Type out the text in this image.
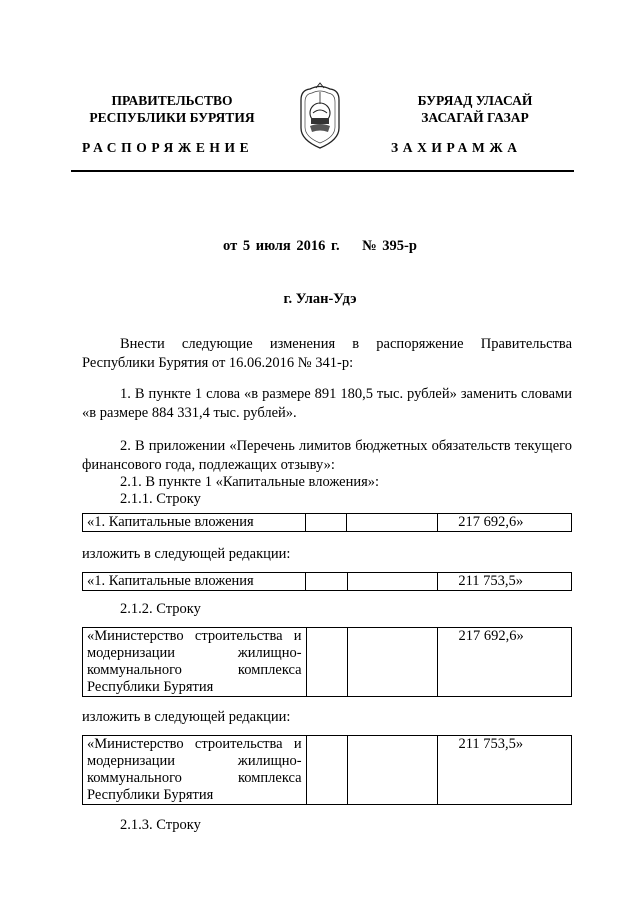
ПРАВИТЕЛЬСТВО
РЕСПУБЛИКИ БУРЯТИЯ
БУРЯАД УЛАСАЙ
ЗАСАГАЙ ГАЗАР
РАСПОРЯЖЕНИЕ	ЗАХИРАМЖА
от 5 июля 2016 г.    № 395-р
г. Улан-Удэ
Внести следующие изменения в распоряжение Правительства Республики Бурятия от 16.06.2016 № 341-р:
1. В пункте 1 слова «в размере 891 180,5 тыс. рублей» заменить словами «в размере 884 331,4 тыс. рублей».
2. В приложении «Перечень лимитов бюджетных обязательств текущего финансового года, подлежащих отзыву»:
2.1. В пункте 1 «Капитальные вложения»:
2.1.1. Строку
«1. Капитальные вложения			217 692,6»
изложить в следующей редакции:
«1. Капитальные вложения			211 753,5»
2.1.2. Строку
«Министерство строительства и модернизации жилищно-коммунального комплекса Республики Бурятия			217 692,6»
изложить в следующей редакции:
«Министерство строительства и модернизации жилищно-коммунального комплекса Республики Бурятия			211 753,5»
2.1.3. Строку
